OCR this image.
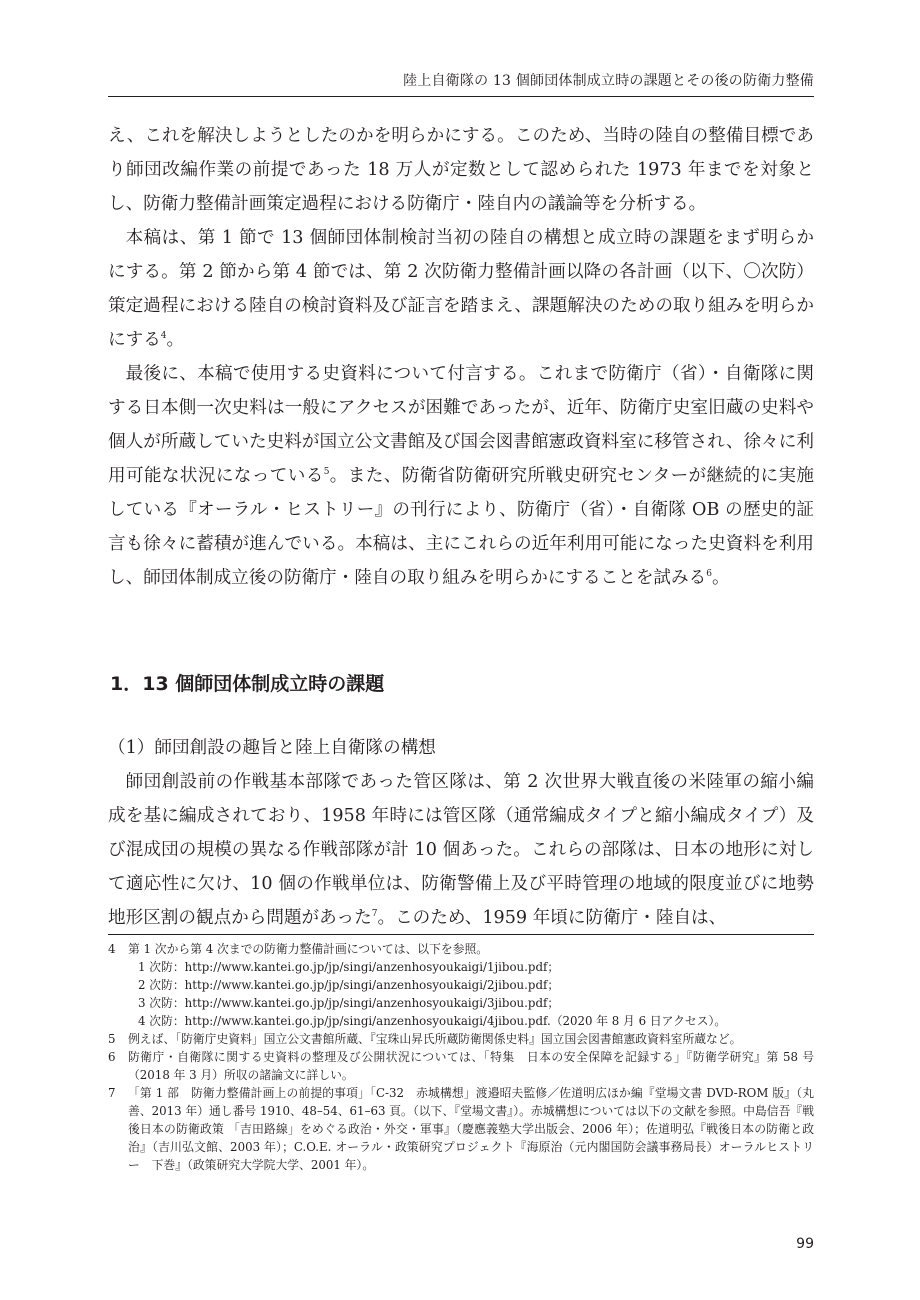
陸上自衛隊の 13 個師団体制成立時の課題とその後の防衛力整備

え、これを解決しようとしたのかを明らかにする。このため、当時の陸自の整備目標であり師団改編作業の前提であった 18 万人が定数として認められた 1973 年までを対象とし、防衛力整備計画策定過程における防衛庁・陸自内の議論等を分析する。

本稿は、第 1 節で 13 個師団体制検討当初の陸自の構想と成立時の課題をまず明らかにする。第 2 節から第 4 節では、第 2 次防衛力整備計画以降の各計画（以下、〇次防）策定過程における陸自の検討資料及び証言を踏まえ、課題解決のための取り組みを明らかにする$^4$。

最後に、本稿で使用する史資料について付言する。これまで防衛庁（省）・自衛隊に関する日本側一次史料は一般にアクセスが困難であったが、近年、防衛庁史室旧蔵の史料や個人が所蔵していた史料が国立公文書館及び国会図書館憲政資料室に移管され、徐々に利用可能な状況になっている$^5$。また、防衛省防衛研究所戦史研究センターが継続的に実施している『オーラル・ヒストリー』の刊行により、防衛庁（省）・自衛隊 OB の歴史的証言も徐々に蓄積が進んでいる。本稿は、主にこれらの近年利用可能になった史資料を利用し、師団体制成立後の防衛庁・陸自の取り組みを明らかにすることを試みる$^6$。

1．13 個師団体制成立時の課題

（1）師団創設の趣旨と陸上自衛隊の構想

師団創設前の作戦基本部隊であった管区隊は、第 2 次世界大戦直後の米陸軍の縮小編成を基に編成されており、1958 年時には管区隊（通常編成タイプと縮小編成タイプ）及び混成団の規模の異なる作戦部隊が計 10 個あった。これらの部隊は、日本の地形に対して適応性に欠け、10 個の作戦単位は、防衛警備上及び平時管理の地域的限度並びに地勢地形区割の観点から問題があった$^7$。このため、1959 年頃に防衛庁・陸自は、

4	第 1 次から第 4 次までの防衛力整備計画については、以下を参照。
1 次防：http://www.kantei.go.jp/jp/singi/anzenhosyoukaigi/1jibou.pdf；
2 次防：http://www.kantei.go.jp/jp/singi/anzenhosyoukaigi/2jibou.pdf；
3 次防：http://www.kantei.go.jp/jp/singi/anzenhosyoukaigi/3jibou.pdf；
4 次防：http://www.kantei.go.jp/jp/singi/anzenhosyoukaigi/4jibou.pdf.（2020 年 8 月 6 日アクセス）。
5	例えば、「防衛庁史資料」国立公文書館所蔵、『宝珠山昇氏所蔵防衛関係史料』国立国会図書館憲政資料室所蔵など。
6	防衛庁・自衛隊に関する史資料の整理及び公開状況については、「特集　日本の安全保障を記録する」『防衛学研究』第 58 号（2018 年 3 月）所収の諸論文に詳しい。
7	「第 1 部　防衛力整備計画上の前提的事項」「C-32　赤城構想」渡邉昭夫監修／佐道明広ほか編『堂場文書 DVD-ROM 版』（丸善、2013 年）通し番号 1910、48–54、61–63 頁。（以下、『堂場文書』）。赤城構想については以下の文献を参照。中島信吾『戦後日本の防衛政策 「吉田路線」をめぐる政治・外交・軍事』（慶應義塾大学出版会、2006 年）；佐道明弘『戦後日本の防衛と政治』（吉川弘文館、2003 年）；C.O.E. オーラル・政策研究プロジェクト『海原治（元内閣国防会議事務局長）オーラルヒストリー　下巻』（政策研究大学院大学、2001 年）。
99
